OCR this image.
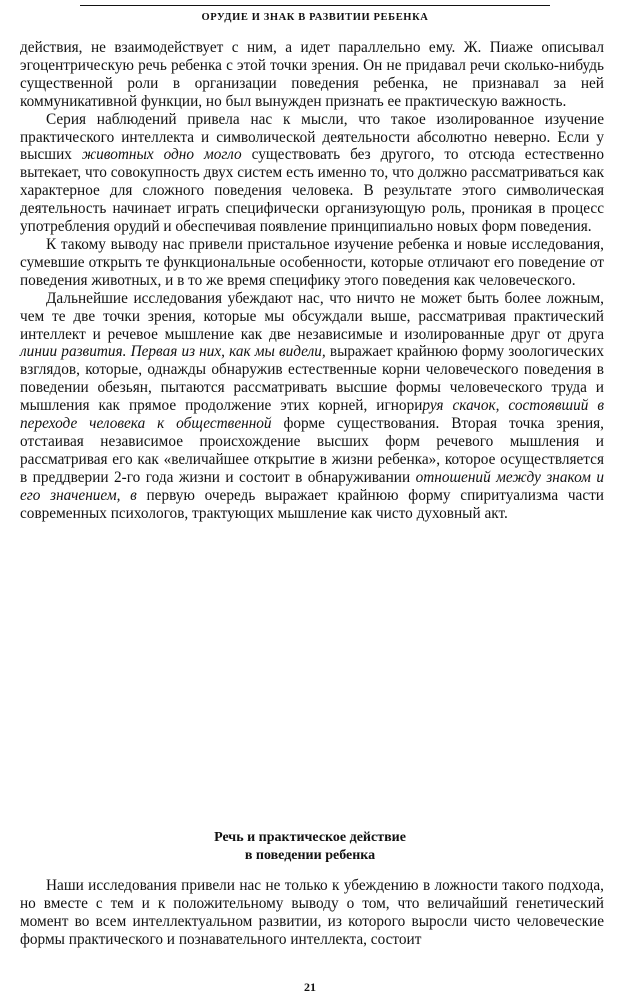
ОРУДИЕ И ЗНАК В РАЗВИТИИ РЕБЕНКА

действия, не взаимодействует с ним, а идет параллельно ему. Ж. Пиаже описывал эгоцентрическую речь ребенка с этой точки зрения. Он не придавал речи сколько-нибудь существенной роли в организации поведения ребенка, не признавал за ней коммуникативной функции, но был вынужден признать ее практическую важность.

Серия наблюдений привела нас к мысли, что такое изолированное изучение практического интеллекта и символической деятельности абсолютно неверно. Если у высших животных одно могло существовать без другого, то отсюда естественно вытекает, что совокупность двух систем есть именно то, что должно рассматриваться как характерное для сложного поведения человека. В результате этого символическая деятельность начинает играть специфически организующую роль, проникая в процесс употребления орудий и обеспечивая появление принципиально новых форм поведения.

К такому выводу нас привели пристальное изучение ребенка и новые исследования, сумевшие открыть те функциональные особенности, которые отличают его поведение от поведения животных, и в то же время специфику этого поведения как человеческого.

Дальнейшие исследования убеждают нас, что ничто не может быть более ложным, чем те две точки зрения, которые мы обсуждали выше, рассматривая практический интеллект и речевое мышление как две независимые и изолированные друг от друга линии развития. Первая из них, как мы видели, выражает крайнюю форму зоологических взглядов, которые, однажды обнаружив естественные корни человеческого поведения в поведении обезьян, пытаются рассматривать высшие формы человеческого труда и мышления как прямое продолжение этих корней, игнорируя скачок, состоявший в переходе человека к общественной форме существования. Вторая точка зрения, отстаивая независимое происхождение высших форм речевого мышления и рассматривая его как «величайшее открытие в жизни ребенка», которое осуществляется в преддверии 2-го года жизни и состоит в обнаруживании отношений между знаком и его значением, в первую очередь выражает крайнюю форму спиритуализма части современных психологов, трактующих мышление как чисто духовный акт.

Речь и практическое действие
в поведении ребенка

Наши исследования привели нас не только к убеждению в ложности такого подхода, но вместе с тем и к положительному выводу о том, что величайший генетический момент во всем интеллектуальном развитии, из которого выросли чисто человеческие формы практического и познавательного интеллекта, состоит

21
